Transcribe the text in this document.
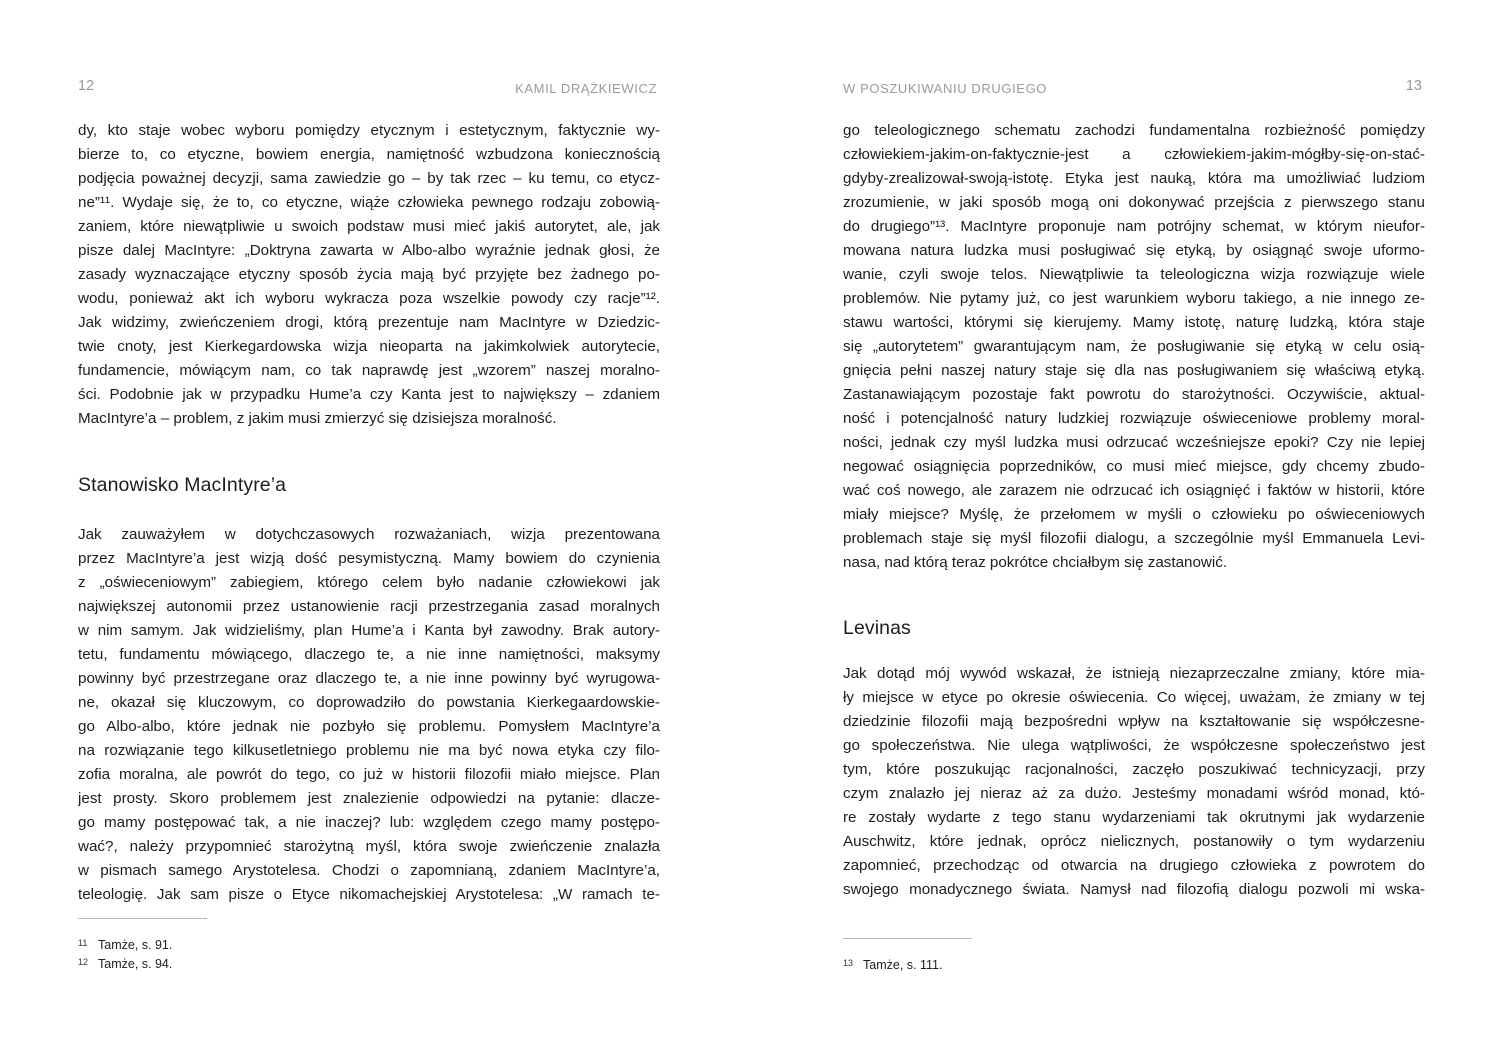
12	KAMIL DRĄŻKIEWICZ
dy, kto staje wobec wyboru pomiędzy etycznym i estetycznym, faktycznie wy-
bierze to, co etyczne, bowiem energia, namiętność wzbudzona koniecznością
podjęcia poważnej decyzji, sama zawiedzie go – by tak rzec – ku temu, co etycz-
ne”¹¹. Wydaje się, że to, co etyczne, wiąże człowieka pewnego rodzaju zobowią-
zaniem, które niewątpliwie u swoich podstaw musi mieć jakiś autorytet, ale, jak
pisze dalej MacIntyre: „Doktryna zawarta w Albo-albo wyraźnie jednak głosi, że
zasady wyznaczające etyczny sposób życia mają być przyjęte bez żadnego po-
wodu, ponieważ akt ich wyboru wykracza poza wszelkie powody czy racje”¹².
Jak widzimy, zwieńczeniem drogi, którą prezentuje nam MacIntyre w Dziedzic-
twie cnoty, jest Kierkegardowska wizja nieoparta na jakimkolwiek autorytecie,
fundamencie, mówiącym nam, co tak naprawdę jest „wzorem” naszej moralno-
ści. Podobnie jak w przypadku Hume’a czy Kanta jest to największy – zdaniem
MacIntyre’a – problem, z jakim musi zmierzyć się dzisiejsza moralność.
Stanowisko MacIntyre’a
Jak zauważyłem w dotychczasowych rozważaniach, wizja prezentowana
przez MacIntyre’a jest wizją dość pesymistyczną. Mamy bowiem do czynienia
z „oświeceniowym” zabiegiem, którego celem było nadanie człowiekowi jak
największej autonomii przez ustanowienie racji przestrzegania zasad moralnych
w nim samym. Jak widzieliśmy, plan Hume’a i Kanta był zawodny. Brak autory-
tetu, fundamentu mówiącego, dlaczego te, a nie inne namiętności, maksymy
powinny być przestrzegane oraz dlaczego te, a nie inne powinny być wyrugowa-
ne, okazał się kluczowym, co doprowadziło do powstania Kierkegaardowskie-
go Albo-albo, które jednak nie pozbyło się problemu. Pomysłem MacIntyre’a
na rozwiązanie tego kilkusetletniego problemu nie ma być nowa etyka czy filo-
zofia moralna, ale powrót do tego, co już w historii filozofii miało miejsce. Plan
jest prosty. Skoro problemem jest znalezienie odpowiedzi na pytanie: dlacze-
go mamy postępować tak, a nie inaczej? lub: względem czego mamy postępo-
wać?, należy przypomnieć starożytną myśl, która swoje zwieńczenie znalazła
w pismach samego Arystotelesa. Chodzi o zapomnianą, zdaniem MacIntyre’a,
teleologię. Jak sam pisze o Etyce nikomachejskiej Arystotelesa: „W ramach te-
11 Tamże, s. 91.
12 Tamże, s. 94.
W POSZUKIWANIU DRUGIEGO	13
go teleologicznego schematu zachodzi fundamentalna rozbieżność pomiędzy
człowiekiem-jakim-on-faktycznie-jest a człowiekiem-jakim-mógłby-się-on-stać-
gdyby-zrealizował-swoją-istotę. Etyka jest nauką, która ma umożliwiać ludziom
zrozumienie, w jaki sposób mogą oni dokonywać przejścia z pierwszego stanu
do drugiego”¹³. MacIntyre proponuje nam potrójny schemat, w którym nieufor-
mowana natura ludzka musi posługiwać się etyką, by osiągnąć swoje uformo-
wanie, czyli swoje telos. Niewątpliwie ta teleologiczna wizja rozwiązuje wiele
problemów. Nie pytamy już, co jest warunkiem wyboru takiego, a nie innego ze-
stawu wartości, którymi się kierujemy. Mamy istotę, naturę ludzką, która staje
się „autorytetem” gwarantującym nam, że posługiwanie się etyką w celu osią-
gnięcia pełni naszej natury staje się dla nas posługiwaniem się właściwą etyką.
Zastanawiającym pozostaje fakt powrotu do starożytności. Oczywiście, aktual-
ność i potencjalność natury ludzkiej rozwiązuje oświeceniowe problemy moral-
ności, jednak czy myśl ludzka musi odrzucać wcześniejsze epoki? Czy nie lepiej
negować osiągnięcia poprzedników, co musi mieć miejsce, gdy chcemy zbudo-
wać coś nowego, ale zarazem nie odrzucać ich osiągnięć i faktów w historii, które
miały miejsce? Myślę, że przełomem w myśli o człowieku po oświeceniowych
problemach staje się myśl filozofii dialogu, a szczególnie myśl Emmanuela Levi-
nasa, nad którą teraz pokrótce chciałbym się zastanowić.
Levinas
Jak dotąd mój wywód wskazał, że istnieją niezaprzeczalne zmiany, które mia-
ły miejsce w etyce po okresie oświecenia. Co więcej, uważam, że zmiany w tej
dziedzinie filozofii mają bezpośredni wpływ na kształtowanie się współczesne-
go społeczeństwa. Nie ulega wątpliwości, że współczesne społeczeństwo jest
tym, które poszukując racjonalności, zaczęło poszukiwać technicyzacji, przy
czym znalazło jej nieraz aż za dużo. Jesteśmy monadami wśród monad, któ-
re zostały wydarte z tego stanu wydarzeniami tak okrutnymi jak wydarzenie
Auschwitz, które jednak, oprócz nielicznych, postanowiły o tym wydarzeniu
zapomnieć, przechodząc od otwarcia na drugiego człowieka z powrotem do
swojego monadycznego świata. Namysł nad filozofią dialogu pozwoli mi wska-
13 Tamże, s. 111.
